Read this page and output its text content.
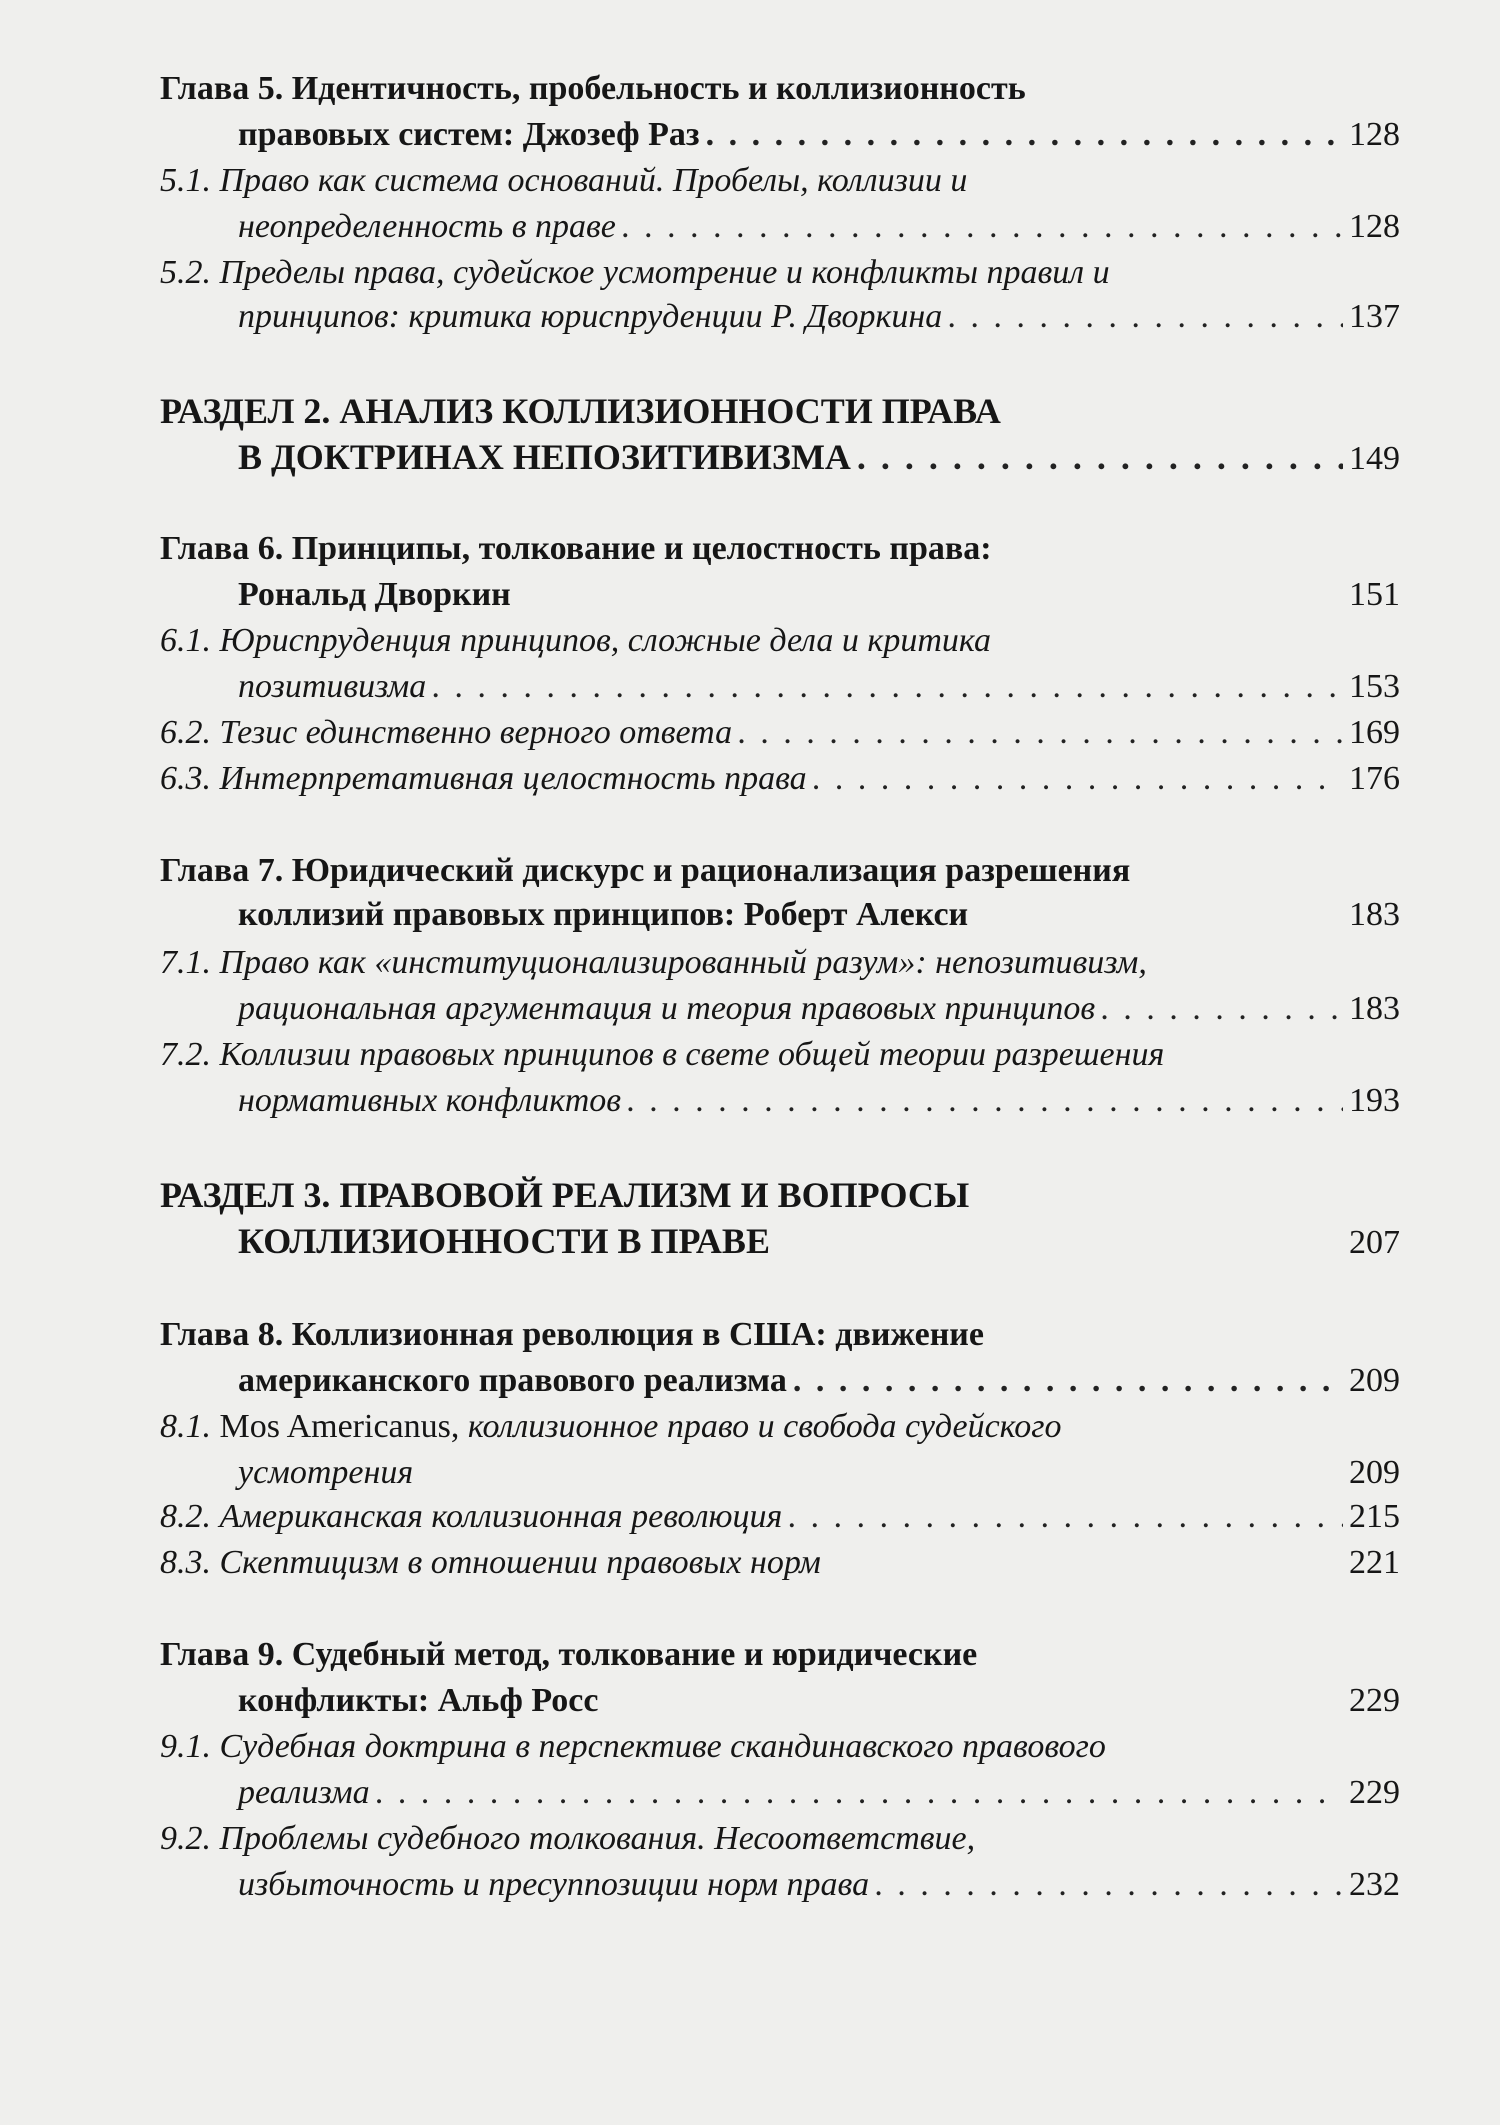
Глава 5. Идентичность, пробельность и коллизионность
правовых систем: Джозеф Раз . . .	128
5.1. Право как система оснований. Пробелы, коллизии и
неопределенность в праве . . .	128
5.2. Пределы права, судейское усмотрение и конфликты правил и
принципов: критика юриспруденции Р. Дворкина . . .	137
РАЗДЕЛ 2. АНАЛИЗ КОЛЛИЗИОННОСТИ ПРАВА
В ДОКТРИНАХ НЕПОЗИТИВИЗМА . . .	149
Глава 6. Принципы, толкование и целостность права:
Рональд Дворкин	151
6.1. Юриспруденция принципов, сложные дела и критика
позитивизма . . .	153
6.2. Тезис единственно верного ответа . . .	169
6.3. Интерпретативная целостность права . . .	176
Глава 7. Юридический дискурс и рационализация разрешения
коллизий правовых принципов: Роберт Алекси	183
7.1. Право как «институционализированный разум»: непозитивизм,
рациональная аргументация и теория правовых принципов . . .	183
7.2. Коллизии правовых принципов в свете общей теории разрешения
нормативных конфликтов . . .	193
РАЗДЕЛ 3. ПРАВОВОЙ РЕАЛИЗМ И ВОПРОСЫ
КОЛЛИЗИОННОСТИ В ПРАВЕ	207
Глава 8. Коллизионная революция в США: движение
американского правового реализма . . .	209
8.1. Mos Americanus, коллизионное право и свобода судейского
усмотрения	209
8.2. Американская коллизионная революция . . .	215
8.3. Скептицизм в отношении правовых норм	221
Глава 9. Судебный метод, толкование и юридические
конфликты: Альф Росс	229
9.1. Судебная доктрина в перспективе скандинавского правового
реализма . . .	229
9.2. Проблемы судебного толкования. Несоответствие,
избыточность и пресуппозиции норм права . . .	232
